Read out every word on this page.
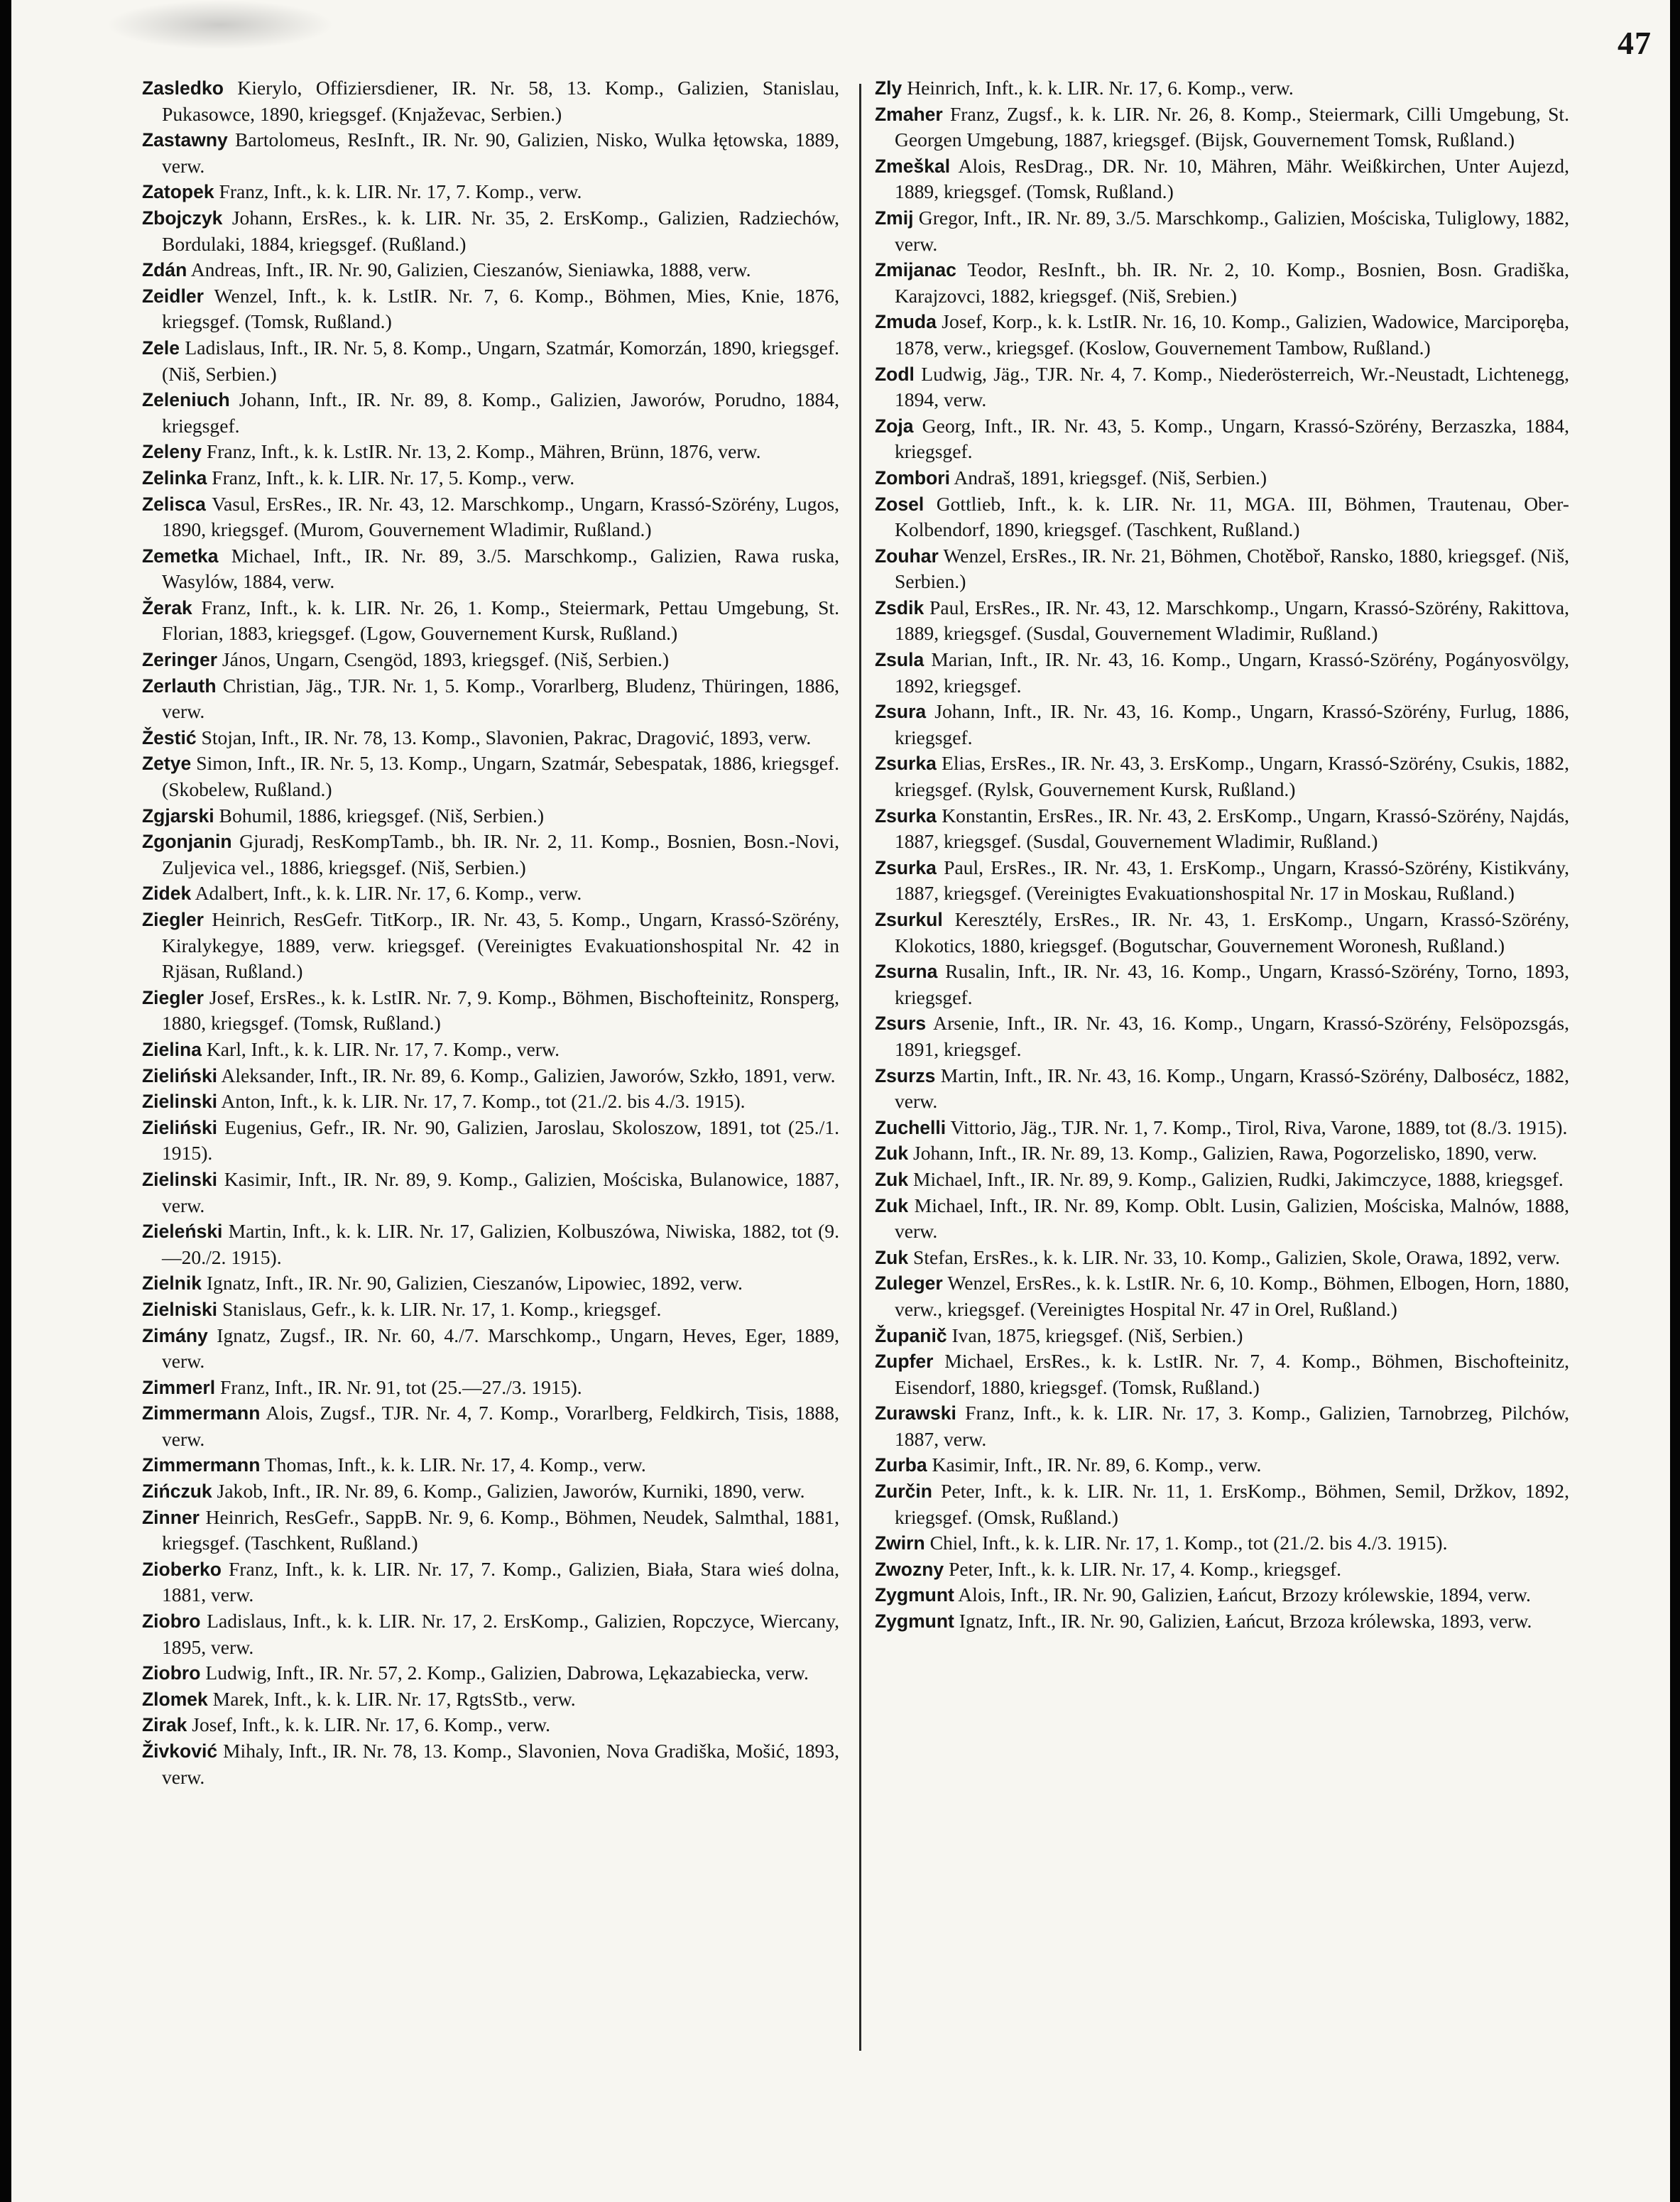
47

Zasledko Kierylo, Offiziersdiener, IR. Nr. 58, 13. Komp., Galizien, Stanislau, Pukasowce, 1890, kriegsgef. (Knjaževac, Serbien.)

Zastawny Bartolomeus, ResInft., IR. Nr. 90, Galizien, Nisko, Wulka łętowska, 1889, verw.

Zatopek Franz, Inft., k. k. LIR. Nr. 17, 7. Komp., verw.

Zbojczyk Johann, ErsRes., k. k. LIR. Nr. 35, 2. ErsKomp., Galizien, Radziechów, Bordulaki, 1884, kriegsgef. (Rußland.)

Zdán Andreas, Inft., IR. Nr. 90, Galizien, Cieszanów, Sieniawka, 1888, verw.

Zeidler Wenzel, Inft., k. k. LstIR. Nr. 7, 6. Komp., Böhmen, Mies, Knie, 1876, kriegsgef. (Tomsk, Rußland.)

Zele Ladislaus, Inft., IR. Nr. 5, 8. Komp., Ungarn, Szatmár, Komorzán, 1890, kriegsgef. (Niš, Serbien.)

Zeleniuch Johann, Inft., IR. Nr. 89, 8. Komp., Galizien, Jaworów, Porudno, 1884, kriegsgef.

Zeleny Franz, Inft., k. k. LstIR. Nr. 13, 2. Komp., Mähren, Brünn, 1876, verw.

Zelinka Franz, Inft., k. k. LIR. Nr. 17, 5. Komp., verw.

Zelisca Vasul, ErsRes., IR. Nr. 43, 12. Marschkomp., Ungarn, Krassó-Szörény, Lugos, 1890, kriegsgef. (Murom, Gouvernement Wladimir, Rußland.)

Zemetka Michael, Inft., IR. Nr. 89, 3./5. Marschkomp., Galizien, Rawa ruska, Wasylów, 1884, verw.

Žerak Franz, Inft., k. k. LIR. Nr. 26, 1. Komp., Steiermark, Pettau Umgebung, St. Florian, 1883, kriegsgef. (Lgow, Gouvernement Kursk, Rußland.)

Zeringer János, Ungarn, Csengöd, 1893, kriegsgef. (Niš, Serbien.)

Zerlauth Christian, Jäg., TJR. Nr. 1, 5. Komp., Vorarlberg, Bludenz, Thüringen, 1886, verw.

Žestić Stojan, Inft., IR. Nr. 78, 13. Komp., Slavonien, Pakrac, Dragović, 1893, verw.

Zetye Simon, Inft., IR. Nr. 5, 13. Komp., Ungarn, Szatmár, Sebespatak, 1886, kriegsgef. (Skobelew, Rußland.)

Zgjarski Bohumil, 1886, kriegsgef. (Niš, Serbien.)

Zgonjanin Gjuradj, ResKompTamb., bh. IR. Nr. 2, 11. Komp., Bosnien, Bosn.-Novi, Zuljevica vel., 1886, kriegsgef. (Niš, Serbien.)

Zidek Adalbert, Inft., k. k. LIR. Nr. 17, 6. Komp., verw.

Ziegler Heinrich, ResGefr. TitKorp., IR. Nr. 43, 5. Komp., Ungarn, Krassó-Szörény, Kiralykegye, 1889, verw. kriegsgef. (Vereinigtes Evakuationshospital Nr. 42 in Rjäsan, Rußland.)

Ziegler Josef, ErsRes., k. k. LstIR. Nr. 7, 9. Komp., Böhmen, Bischofteinitz, Ronsperg, 1880, kriegsgef. (Tomsk, Rußland.)

Zielina Karl, Inft., k. k. LIR. Nr. 17, 7. Komp., verw.

Zieliński Aleksander, Inft., IR. Nr. 89, 6. Komp., Galizien, Jaworów, Szkło, 1891, verw.

Zielinski Anton, Inft., k. k. LIR. Nr. 17, 7. Komp., tot (21./2. bis 4./3. 1915).

Zieliński Eugenius, Gefr., IR. Nr. 90, Galizien, Jaroslau, Skoloszow, 1891, tot (25./1. 1915).

Zielinski Kasimir, Inft., IR. Nr. 89, 9. Komp., Galizien, Mościska, Bulanowice, 1887, verw.

Zieleński Martin, Inft., k. k. LIR. Nr. 17, Galizien, Kolbuszówa, Niwiska, 1882, tot (9.—20./2. 1915).

Zielnik Ignatz, Inft., IR. Nr. 90, Galizien, Cieszanów, Lipowiec, 1892, verw.

Zielniski Stanislaus, Gefr., k. k. LIR. Nr. 17, 1. Komp., kriegsgef.

Zimány Ignatz, Zugsf., IR. Nr. 60, 4./7. Marschkomp., Ungarn, Heves, Eger, 1889, verw.

Zimmerl Franz, Inft., IR. Nr. 91, tot (25.—27./3. 1915).

Zimmermann Alois, Zugsf., TJR. Nr. 4, 7. Komp., Vorarlberg, Feldkirch, Tisis, 1888, verw.

Zimmermann Thomas, Inft., k. k. LIR. Nr. 17, 4. Komp., verw.

Zińczuk Jakob, Inft., IR. Nr. 89, 6. Komp., Galizien, Jaworów, Kurniki, 1890, verw.

Zinner Heinrich, ResGefr., SappB. Nr. 9, 6. Komp., Böhmen, Neudek, Salmthal, 1881, kriegsgef. (Taschkent, Rußland.)

Zioberko Franz, Inft., k. k. LIR. Nr. 17, 7. Komp., Galizien, Biała, Stara wieś dolna, 1881, verw.

Ziobro Ladislaus, Inft., k. k. LIR. Nr. 17, 2. ErsKomp., Galizien, Ropczyce, Wiercany, 1895, verw.

Ziobro Ludwig, Inft., IR. Nr. 57, 2. Komp., Galizien, Dabrowa, Lękazabiecka, verw.

Zlomek Marek, Inft., k. k. LIR. Nr. 17, RgtsStb., verw.

Zirak Josef, Inft., k. k. LIR. Nr. 17, 6. Komp., verw.

Živković Mihaly, Inft., IR. Nr. 78, 13. Komp., Slavonien, Nova Gradiška, Mošić, 1893, verw.

Zly Heinrich, Inft., k. k. LIR. Nr. 17, 6. Komp., verw.

Zmaher Franz, Zugsf., k. k. LIR. Nr. 26, 8. Komp., Steiermark, Cilli Umgebung, St. Georgen Umgebung, 1887, kriegsgef. (Bijsk, Gouvernement Tomsk, Rußland.)

Zmeškal Alois, ResDrag., DR. Nr. 10, Mähren, Mähr. Weißkirchen, Unter Aujezd, 1889, kriegsgef. (Tomsk, Rußland.)

Zmij Gregor, Inft., IR. Nr. 89, 3./5. Marschkomp., Galizien, Mościska, Tuliglowy, 1882, verw.

Zmijanac Teodor, ResInft., bh. IR. Nr. 2, 10. Komp., Bosnien, Bosn. Gradiška, Karajzovci, 1882, kriegsgef. (Niš, Srebien.)

Zmuda Josef, Korp., k. k. LstIR. Nr. 16, 10. Komp., Galizien, Wadowice, Marciporęba, 1878, verw., kriegsgef. (Koslow, Gouvernement Tambow, Rußland.)

Zodl Ludwig, Jäg., TJR. Nr. 4, 7. Komp., Niederösterreich, Wr.-Neustadt, Lichtenegg, 1894, verw.

Zoja Georg, Inft., IR. Nr. 43, 5. Komp., Ungarn, Krassó-Szörény, Berzaszka, 1884, kriegsgef.

Zombori Andraš, 1891, kriegsgef. (Niš, Serbien.)

Zosel Gottlieb, Inft., k. k. LIR. Nr. 11, MGA. III, Böhmen, Trautenau, Ober-Kolbendorf, 1890, kriegsgef. (Taschkent, Rußland.)

Zouhar Wenzel, ErsRes., IR. Nr. 21, Böhmen, Chotěboř, Ransko, 1880, kriegsgef. (Niš, Serbien.)

Zsdik Paul, ErsRes., IR. Nr. 43, 12. Marschkomp., Ungarn, Krassó-Szörény, Rakittova, 1889, kriegsgef. (Susdal, Gouvernement Wladimir, Rußland.)

Zsula Marian, Inft., IR. Nr. 43, 16. Komp., Ungarn, Krassó-Szörény, Pogányosvölgy, 1892, kriegsgef.

Zsura Johann, Inft., IR. Nr. 43, 16. Komp., Ungarn, Krassó-Szörény, Furlug, 1886, kriegsgef.

Zsurka Elias, ErsRes., IR. Nr. 43, 3. ErsKomp., Ungarn, Krassó-Szörény, Csukis, 1882, kriegsgef. (Rylsk, Gouvernement Kursk, Rußland.)

Zsurka Konstantin, ErsRes., IR. Nr. 43, 2. ErsKomp., Ungarn, Krassó-Szörény, Najdás, 1887, kriegsgef. (Susdal, Gouvernement Wladimir, Rußland.)

Zsurka Paul, ErsRes., IR. Nr. 43, 1. ErsKomp., Ungarn, Krassó-Szörény, Kistikvány, 1887, kriegsgef. (Vereinigtes Evakuationshospital Nr. 17 in Moskau, Rußland.)

Zsurkul Keresztély, ErsRes., IR. Nr. 43, 1. ErsKomp., Ungarn, Krassó-Szörény, Klokotics, 1880, kriegsgef. (Bogutschar, Gouvernement Woronesh, Rußland.)

Zsurna Rusalin, Inft., IR. Nr. 43, 16. Komp., Ungarn, Krassó-Szörény, Torno, 1893, kriegsgef.

Zsurs Arsenie, Inft., IR. Nr. 43, 16. Komp., Ungarn, Krassó-Szörény, Felsöpozsgás, 1891, kriegsgef.

Zsurzs Martin, Inft., IR. Nr. 43, 16. Komp., Ungarn, Krassó-Szörény, Dalbosécz, 1882, verw.

Zuchelli Vittorio, Jäg., TJR. Nr. 1, 7. Komp., Tirol, Riva, Varone, 1889, tot (8./3. 1915).

Zuk Johann, Inft., IR. Nr. 89, 13. Komp., Galizien, Rawa, Pogorzelisko, 1890, verw.

Zuk Michael, Inft., IR. Nr. 89, 9. Komp., Galizien, Rudki, Jakimczyce, 1888, kriegsgef.

Zuk Michael, Inft., IR. Nr. 89, Komp. Oblt. Lusin, Galizien, Mościska, Malnów, 1888, verw.

Zuk Stefan, ErsRes., k. k. LIR. Nr. 33, 10. Komp., Galizien, Skole, Orawa, 1892, verw.

Zuleger Wenzel, ErsRes., k. k. LstIR. Nr. 6, 10. Komp., Böhmen, Elbogen, Horn, 1880, verw., kriegsgef. (Vereinigtes Hospital Nr. 47 in Orel, Rußland.)

Županič Ivan, 1875, kriegsgef. (Niš, Serbien.)

Zupfer Michael, ErsRes., k. k. LstIR. Nr. 7, 4. Komp., Böhmen, Bischofteinitz, Eisendorf, 1880, kriegsgef. (Tomsk, Rußland.)

Zurawski Franz, Inft., k. k. LIR. Nr. 17, 3. Komp., Galizien, Tarnobrzeg, Pilchów, 1887, verw.

Zurba Kasimir, Inft., IR. Nr. 89, 6. Komp., verw.

Zurčin Peter, Inft., k. k. LIR. Nr. 11, 1. ErsKomp., Böhmen, Semil, Držkov, 1892, kriegsgef. (Omsk, Rußland.)

Zwirn Chiel, Inft., k. k. LIR. Nr. 17, 1. Komp., tot (21./2. bis 4./3. 1915).

Zwozny Peter, Inft., k. k. LIR. Nr. 17, 4. Komp., kriegsgef.

Zygmunt Alois, Inft., IR. Nr. 90, Galizien, Łańcut, Brzozy królewskie, 1894, verw.

Zygmunt Ignatz, Inft., IR. Nr. 90, Galizien, Łańcut, Brzoza królewska, 1893, verw.
